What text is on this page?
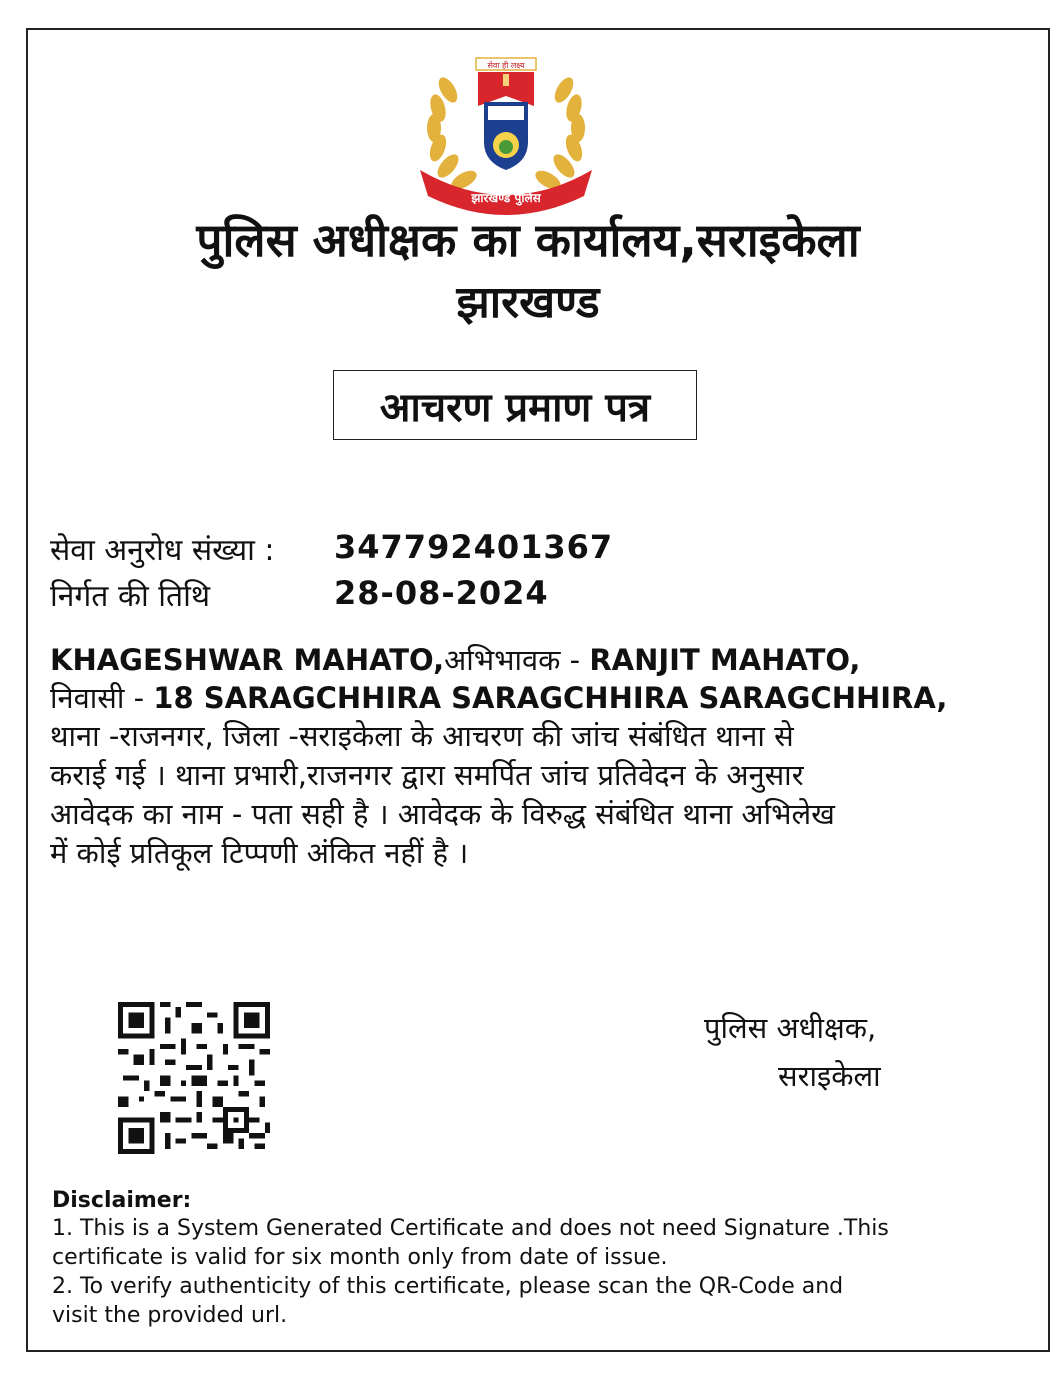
सेवा ही लक्ष्य
झारखण्ड पुलिस
पुलिस अधीक्षक का कार्यालय,सराइकेला
झारखण्ड
आचरण प्रमाण पत्र
सेवा अनुरोध संख्या : 347792401367
निर्गत की तिथि	28-08-2024
KHAGESHWAR MAHATO,अभिभावक - RANJIT MAHATO,
निवासी - 18 SARAGCHHIRA SARAGCHHIRA SARAGCHHIRA,
थाना -राजनगर, जिला -सराइकेला के आचरण की जांच संबंधित थाना से
कराई गई । थाना प्रभारी,राजनगर द्वारा समर्पित जांच प्रतिवेदन के अनुसार
आवेदक का नाम - पता सही है । आवेदक के विरुद्ध संबंधित थाना अभिलेख
में कोई प्रतिकूल टिप्पणी अंकित नहीं है ।
पुलिस अधीक्षक,
सराइकेला
Disclaimer:
1. This is a System Generated Certificate and does not need Signature .This
certificate is valid for six month only from date of issue.
2. To verify authenticity of this certificate, please scan the QR-Code and
visit the provided url.
